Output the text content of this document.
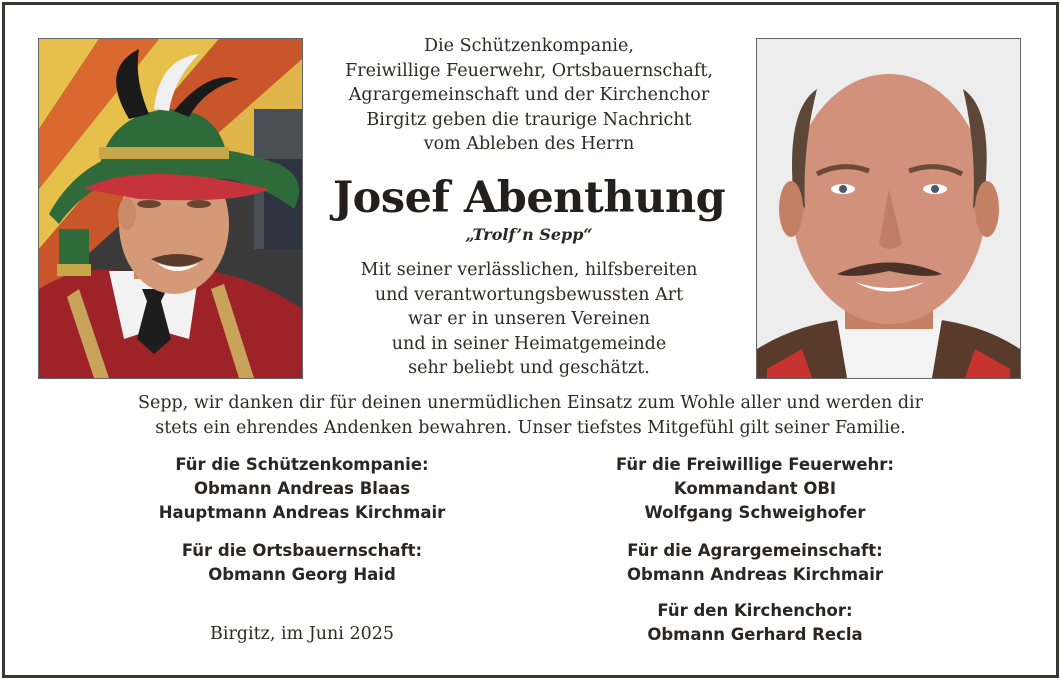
Die Schützenkompanie,
Freiwillige Feuerwehr, Ortsbauernschaft,
Agrargemeinschaft und der Kirchenchor
Birgitz geben die traurige Nachricht
vom Ableben des Herrn
Josef Abenthung
„Trolf’n Sepp“
Mit seiner verlässlichen, hilfsbereiten
und verantwortungsbewussten Art
war er in unseren Vereinen
und in seiner Heimatgemeinde
sehr beliebt und geschätzt.
Sepp, wir danken dir für deinen unermüdlichen Einsatz zum Wohle aller und werden dir
stets ein ehrendes Andenken bewahren. Unser tiefstes Mitgefühl gilt seiner Familie.
Für die Schützenkompanie:
Obmann Andreas Blaas
Hauptmann Andreas Kirchmair
Für die Ortsbauernschaft:
Obmann Georg Haid
Birgitz, im Juni 2025
Für die Freiwillige Feuerwehr:
Kommandant OBI
Wolfgang Schweighofer
Für die Agrargemeinschaft:
Obmann Andreas Kirchmair
Für den Kirchenchor:
Obmann Gerhard Recla
